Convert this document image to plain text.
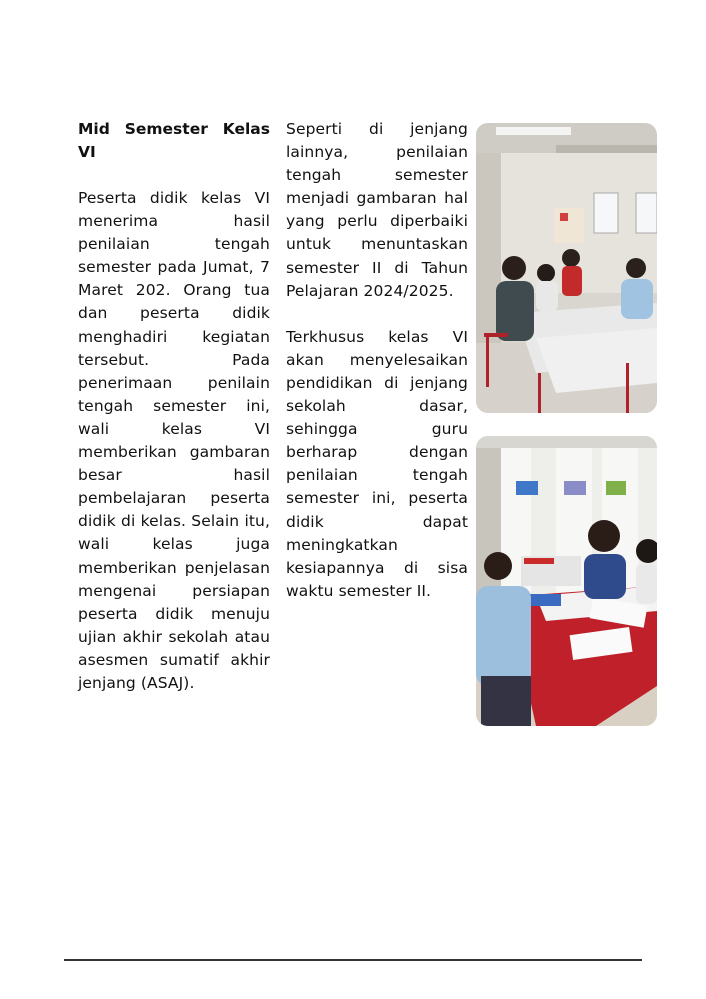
Mid Semester Kelas VI

Peserta didik kelas VI menerima hasil penilaian tengah semester pada Jumat, 7 Maret 202. Orang tua dan peserta didik menghadiri kegiatan tersebut. Pada penerimaan penilain tengah semester ini, wali kelas VI memberikan gambaran besar hasil pembelajaran peserta didik di kelas. Selain itu, wali kelas juga memberikan penjelasan mengenai persiapan peserta didik menuju ujian akhir sekolah atau asesmen sumatif akhir jenjang (ASAJ).

Seperti di jenjang lainnya, penilaian tengah semester menjadi gambaran hal yang perlu diperbaiki untuk menuntaskan semester II di Tahun Pelajaran 2024/2025.

Terkhusus kelas VI akan menyelesaikan pendidikan di jenjang sekolah dasar, sehingga guru berharap dengan penilaian tengah semester ini, peserta didik dapat meningkatkan kesiapannya di sisa waktu semester II.
